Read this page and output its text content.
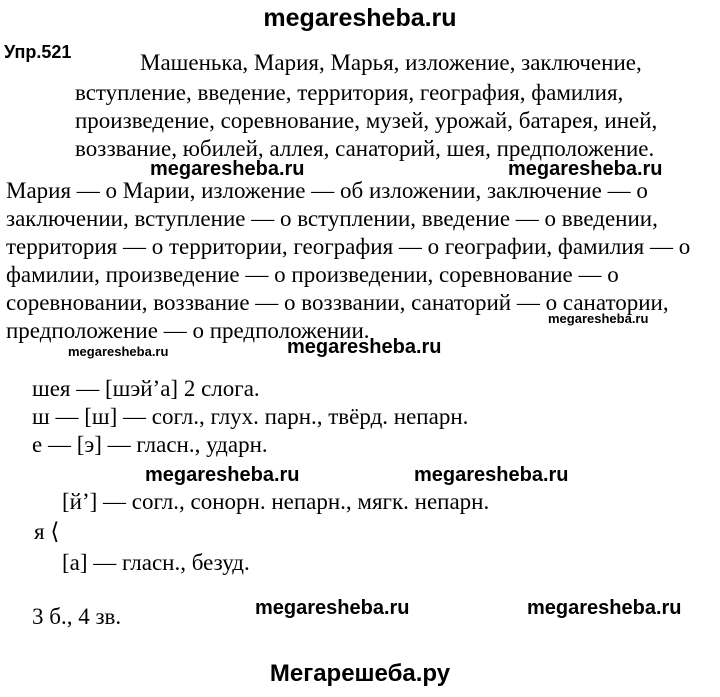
megaresheba.ru
Упр.521	Машенька, Мария, Марья, изложение, заключение,
вступление, введение, территория, география, фамилия,
произведение, соревнование, музей, урожай, батарея, иней,
воззвание, юбилей, аллея, санаторий, шея, предположение.
megaresheba.ru	megaresheba.ru
Мария — о Марии, изложение — об изложении, заключение — о
заключении, вступление — о вступлении, введение — о введении,
территория — о территории, география — о географии, фамилия — о
фамилии, произведение — о произведении, соревнование — о
соревновании, воззвание — о воззвании, санаторий — о санатории,
предположение — о предположении.	megaresheba.ru
megaresheba.ru	megaresheba.ru
шея — [шэй’а] 2 слога.
ш — [ш] — согл., глух. парн., твёрд. непарн.
е — [э] — гласн., ударн.
[й’] — согл., сонорн. непарн., мягк. непарн.
я ⟨
[а] — гласн., безуд.
3 б., 4 зв.
megaresheba.ru	megaresheba.ru
megaresheba.ru	megaresheba.ru
Мегарешеба.ру
